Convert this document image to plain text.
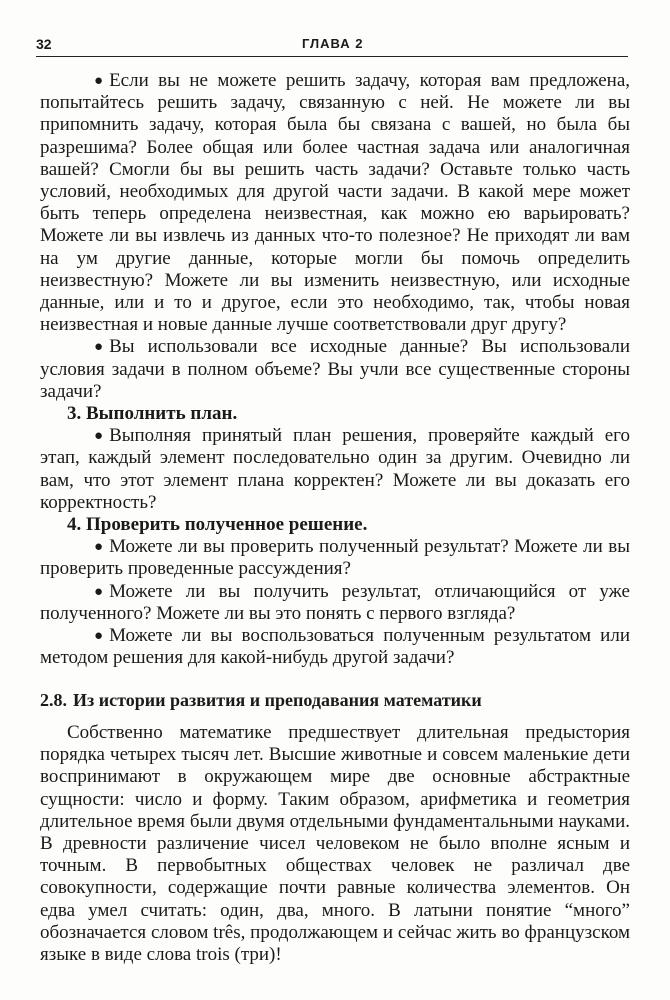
32	ГЛАВА 2

● Если вы не можете решить задачу, которая вам предложена, попытайтесь решить задачу, связанную с ней. Не можете ли вы припомнить задачу, которая была бы связана с вашей, но была бы разрешима? Более общая или более частная задача или аналогичная вашей? Смогли бы вы решить часть задачи? Оставьте только часть условий, необходимых для другой части задачи. В какой мере может быть теперь определена неизвестная, как можно ею варьировать? Можете ли вы извлечь из данных что-то полезное? Не приходят ли вам на ум другие данные, которые могли бы помочь определить неизвестную? Можете ли вы изменить неизвестную, или исходные данные, или и то и другое, если это необходимо, так, чтобы новая неизвестная и новые данные лучше соответствовали друг другу?

● Вы использовали все исходные данные? Вы использовали условия задачи в полном объеме? Вы учли все существенные стороны задачи?

3. Выполнить план.

● Выполняя принятый план решения, проверяйте каждый его этап, каждый элемент последовательно один за другим. Очевидно ли вам, что этот элемент плана корректен? Можете ли вы доказать его корректность?

4. Проверить полученное решение.

● Можете ли вы проверить полученный результат? Можете ли вы проверить проведенные рассуждения?

● Можете ли вы получить результат, отличающийся от уже полученного? Можете ли вы это понять с первого взгляда?

● Можете ли вы воспользоваться полученным результатом или методом решения для какой-нибудь другой задачи?

2.8. Из истории развития и преподавания математики

Собственно математике предшествует длительная предыстория порядка четырех тысяч лет. Высшие животные и совсем маленькие дети воспринимают в окружающем мире две основные абстрактные сущности: число и форму. Таким образом, арифметика и геометрия длительное время были двумя отдельными фундаментальными науками. В древности различение чисел человеком не было вполне ясным и точным. В первобытных обществах человек не различал две совокупности, содержащие почти равные количества элементов. Он едва умел считать: один, два, много. В латыни понятие “много” обозначается словом três, продолжающем и сейчас жить во французском языке в виде слова trois (три)!
